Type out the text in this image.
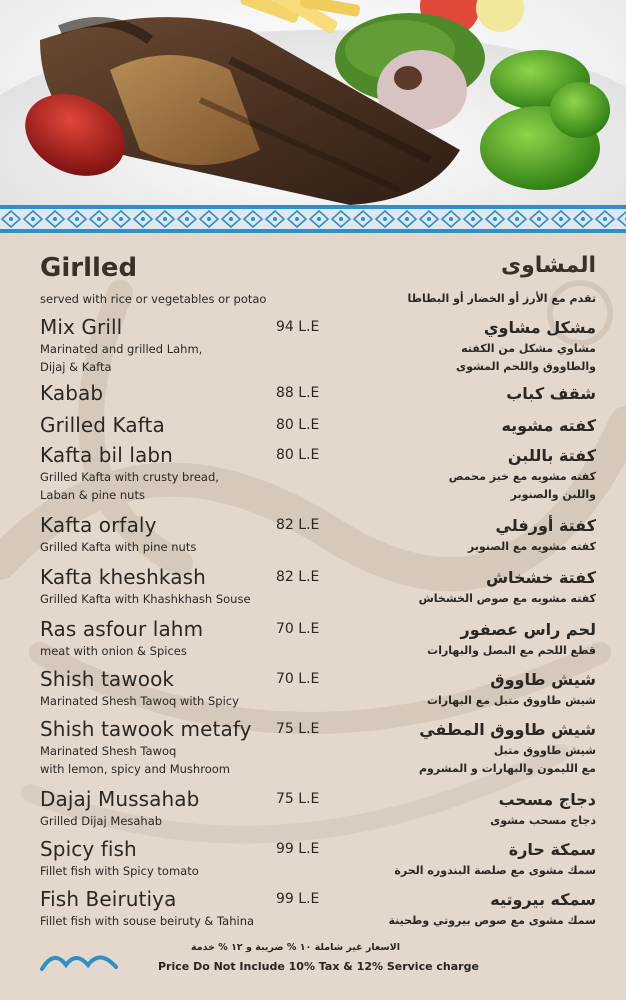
Girlled	المشاوى
served with rice or vegetables or potao	تقدم مع الأرز أو الخضار أو البطاطا
Mix Grill	94 L.E	مشكل مشاوي
Marinated and grilled Lahm,
Dijaj & Kafta
مشاوي مشكل من الكفته
والطاووق واللحم المشوى
Kabab	88 L.E	شقف كباب
Grilled Kafta	80 L.E	كفته مشويه
Kafta bil labn	80 L.E	كفتة باللبن
Grilled Kafta with crusty bread,
Laban & pine nuts
كفته مشويه مع خبز محمص
واللبن والصنوبر
Kafta orfaly	82 L.E	كفتة أورفلي
Grilled Kafta with pine nuts	كفته مشويه مع الصنوبر
Kafta kheshkash	82 L.E	كفتة خشخاش
Grilled Kafta with Khashkhash Souse	كفته مشويه مع صوص الخشخاش
Ras asfour lahm	70 L.E	لحم راس عصفور
meat with onion & Spices	قطع اللحم مع البصل والبهارات
Shish tawook	70 L.E	شيش طاووق
Marinated Shesh Tawoq with Spicy	شيش طاووق متبل مع البهارات
Shish tawook metafy 75 L.E	شيش طاووق المطفي
Marinated Shesh Tawoq
with lemon, spicy and Mushroom
شيش طاووق متبل
مع الليمون والبهارات و المشروم
Dajaj Mussahab	75 L.E	دجاج مسحب
Grilled Dijaj Mesahab	دجاج مسحب مشوى
Spicy fish	99 L.E	سمكة حارة
Fillet fish with Spicy tomato	سمك مشوى مع صلصة البندوره الحرة
Fish Beirutiya	99 L.E	سمكه بيروتيه
Fillet fish with souse beiruty & Tahina	سمك مشوى مع صوص بيروتي وطحينة
الاسعار غير شاملة ١٠ % ضريبة و ١٢ % خدمة
Price Do Not Include 10% Tax & 12% Service charge
